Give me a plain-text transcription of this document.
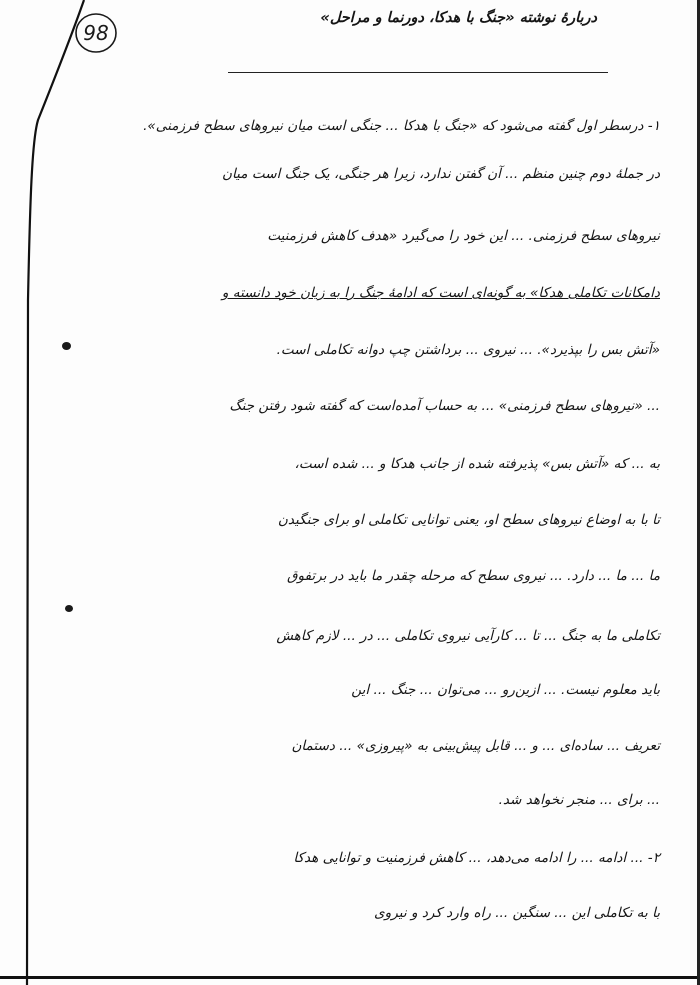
98
دربارهٔ نوشته «جنگ با هدکا، دورنما و مراحل»
۱- درسطر اول گفته می‌شود که «جنگ با هدکا ... جنگی است میان نیروهای سطح فرزمنی».
در جملهٔ دوم چنین منظم ... آن گفتن ندارد، زیرا هر جنگی، یک جنگ است میان
نیروهای سطح فرزمنی. ... این خود را می‌گیرد «هدف کاهش فرزمنیت
دامکانات تکاملی هدکا» به گونه‌ای است که ادامهٔ جنگ را به زیان خود دانسته و
«آتش بس را بپذیرد». ... نیروی ... برداشتن چپ دوانه تکاملی است.
... «نیروهای سطح فرزمنی» ... به حساب آمده‌است که گفته شود رفتن جنگ
به ... که «آتش بس» پذیرفته شده از جانب هدکا و ... شده است،
تا با به اوضاع نیروهای سطح او، یعنی توانایی تکاملی او برای جنگیدن
ما ... ما ... دارد. ... نیروی سطح که مرحله چقدر ما باید در برتفوق
تکاملی ما به جنگ ... تا ... کارآیی نیروی تکاملی ... در ... لازم کاهش
باید معلوم نیست. ... ازین‌رو ... می‌توان ... جنگ ... این
تعریف ... ساده‌ای ... و ... قابل پیش‌بینی به «پیروزی» ... دستمان
... برای ... منجر نخواهد شد.
۲- ... ادامه ... را ادامه می‌دهد، ... کاهش فرزمنیت و توانایی هدکا
با به تکاملی این ... سنگین ... راه وارد کرد و نیروی
